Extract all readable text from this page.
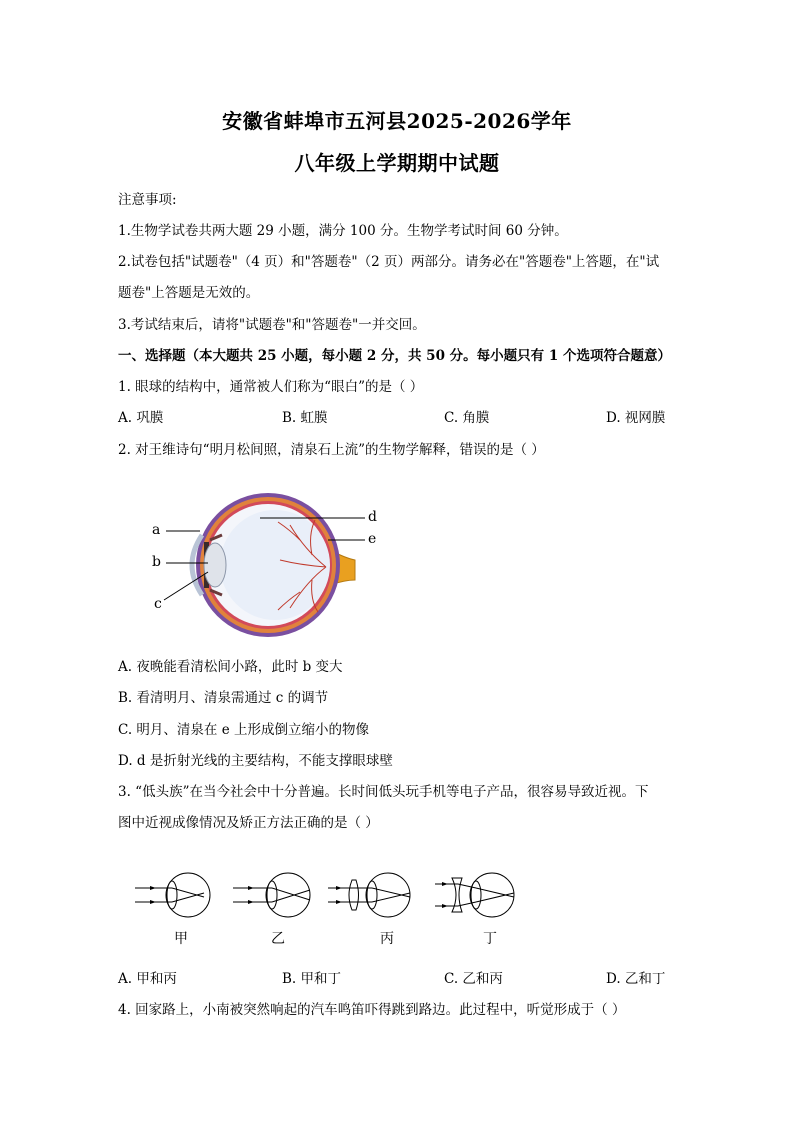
安徽省蚌埠市五河县2025-2026学年
八年级上学期期中试题
注意事项:
1.生物学试卷共两大题 29 小题，满分 100 分。生物学考试时间 60 分钟。
2.试卷包括"试题卷"（4 页）和"答题卷"（2 页）两部分。请务必在"答题卷"上答题，在"试
题卷"上答题是无效的。
3.考试结束后，请将"试题卷"和"答题卷"一并交回。
一、选择题（本大题共 25 小题，每小题 2 分，共 50 分。每小题只有 1 个选项符合题意）
1. 眼球的结构中，通常被人们称为“眼白”的是（ ）
A. 巩膜	B. 虹膜	C. 角膜	D. 视网膜
2. 对王维诗句“明月松间照，清泉石上流”的生物学解释，错误的是（ ）
a
b
c
d
e
A. 夜晚能看清松间小路，此时 b 变大
B. 看清明月、清泉需通过 c 的调节
C. 明月、清泉在 e 上形成倒立缩小的物像
D. d 是折射光线的主要结构，不能支撑眼球壁
3. “低头族”在当今社会中十分普遍。长时间低头玩手机等电子产品，很容易导致近视。下
图中近视成像情况及矫正方法正确的是（ ）
甲	乙	丙	丁
A. 甲和丙	B. 甲和丁	C. 乙和丙	D. 乙和丁
4. 回家路上，小南被突然响起的汽车鸣笛吓得跳到路边。此过程中，听觉形成于（ ）
